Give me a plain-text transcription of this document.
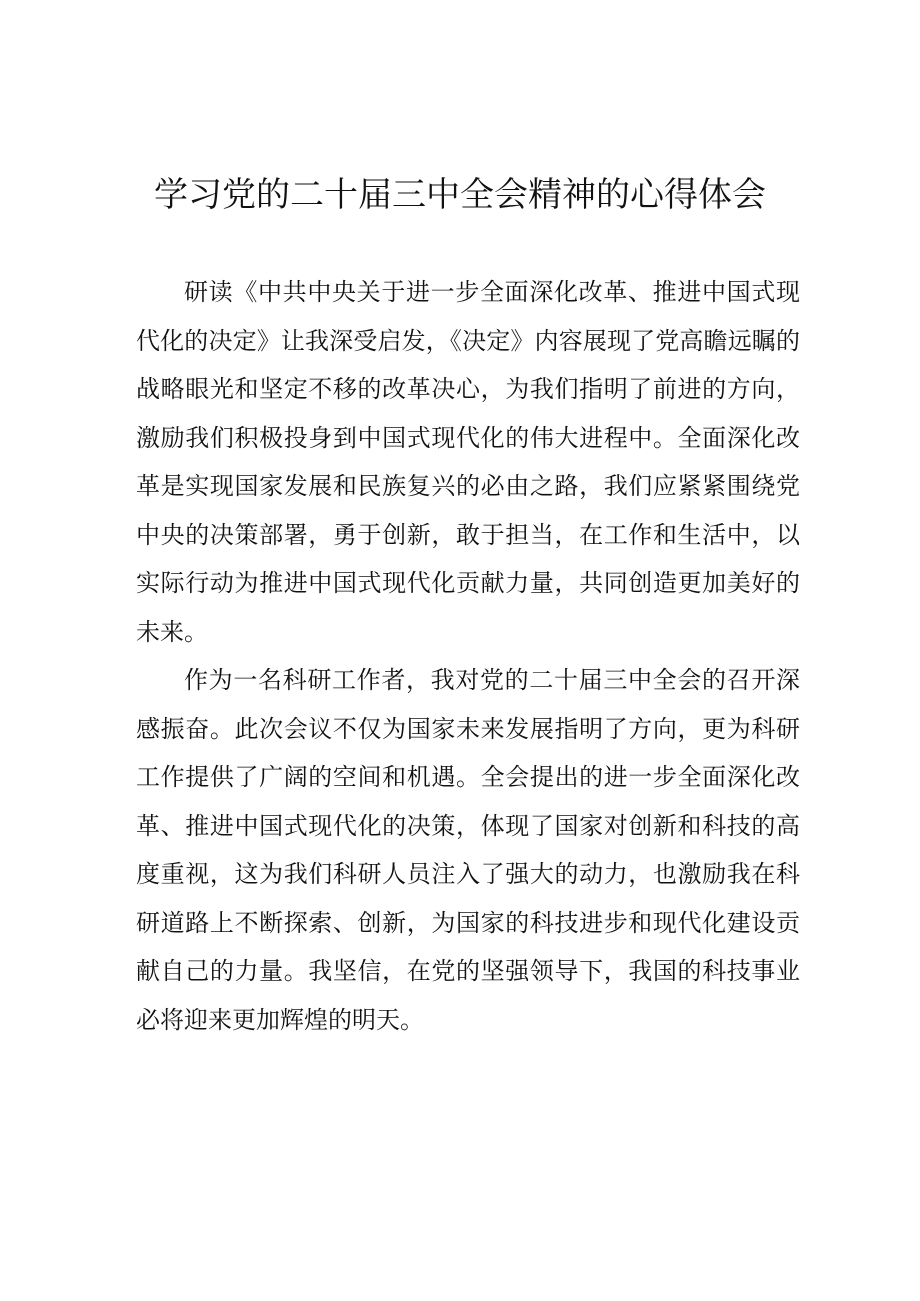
学习党的二十届三中全会精神的心得体会

研读《中共中央关于进一步全面深化改革、推进中国式现代化的决定》让我深受启发，《决定》内容展现了党高瞻远瞩的战略眼光和坚定不移的改革决心，为我们指明了前进的方向，激励我们积极投身到中国式现代化的伟大进程中。全面深化改革是实现国家发展和民族复兴的必由之路，我们应紧紧围绕党中央的决策部署，勇于创新，敢于担当，在工作和生活中，以实际行动为推进中国式现代化贡献力量，共同创造更加美好的未来。

作为一名科研工作者，我对党的二十届三中全会的召开深感振奋。此次会议不仅为国家未来发展指明了方向，更为科研工作提供了广阔的空间和机遇。全会提出的进一步全面深化改革、推进中国式现代化的决策，体现了国家对创新和科技的高度重视，这为我们科研人员注入了强大的动力，也激励我在科研道路上不断探索、创新，为国家的科技进步和现代化建设贡献自己的力量。我坚信，在党的坚强领导下，我国的科技事业必将迎来更加辉煌的明天。
